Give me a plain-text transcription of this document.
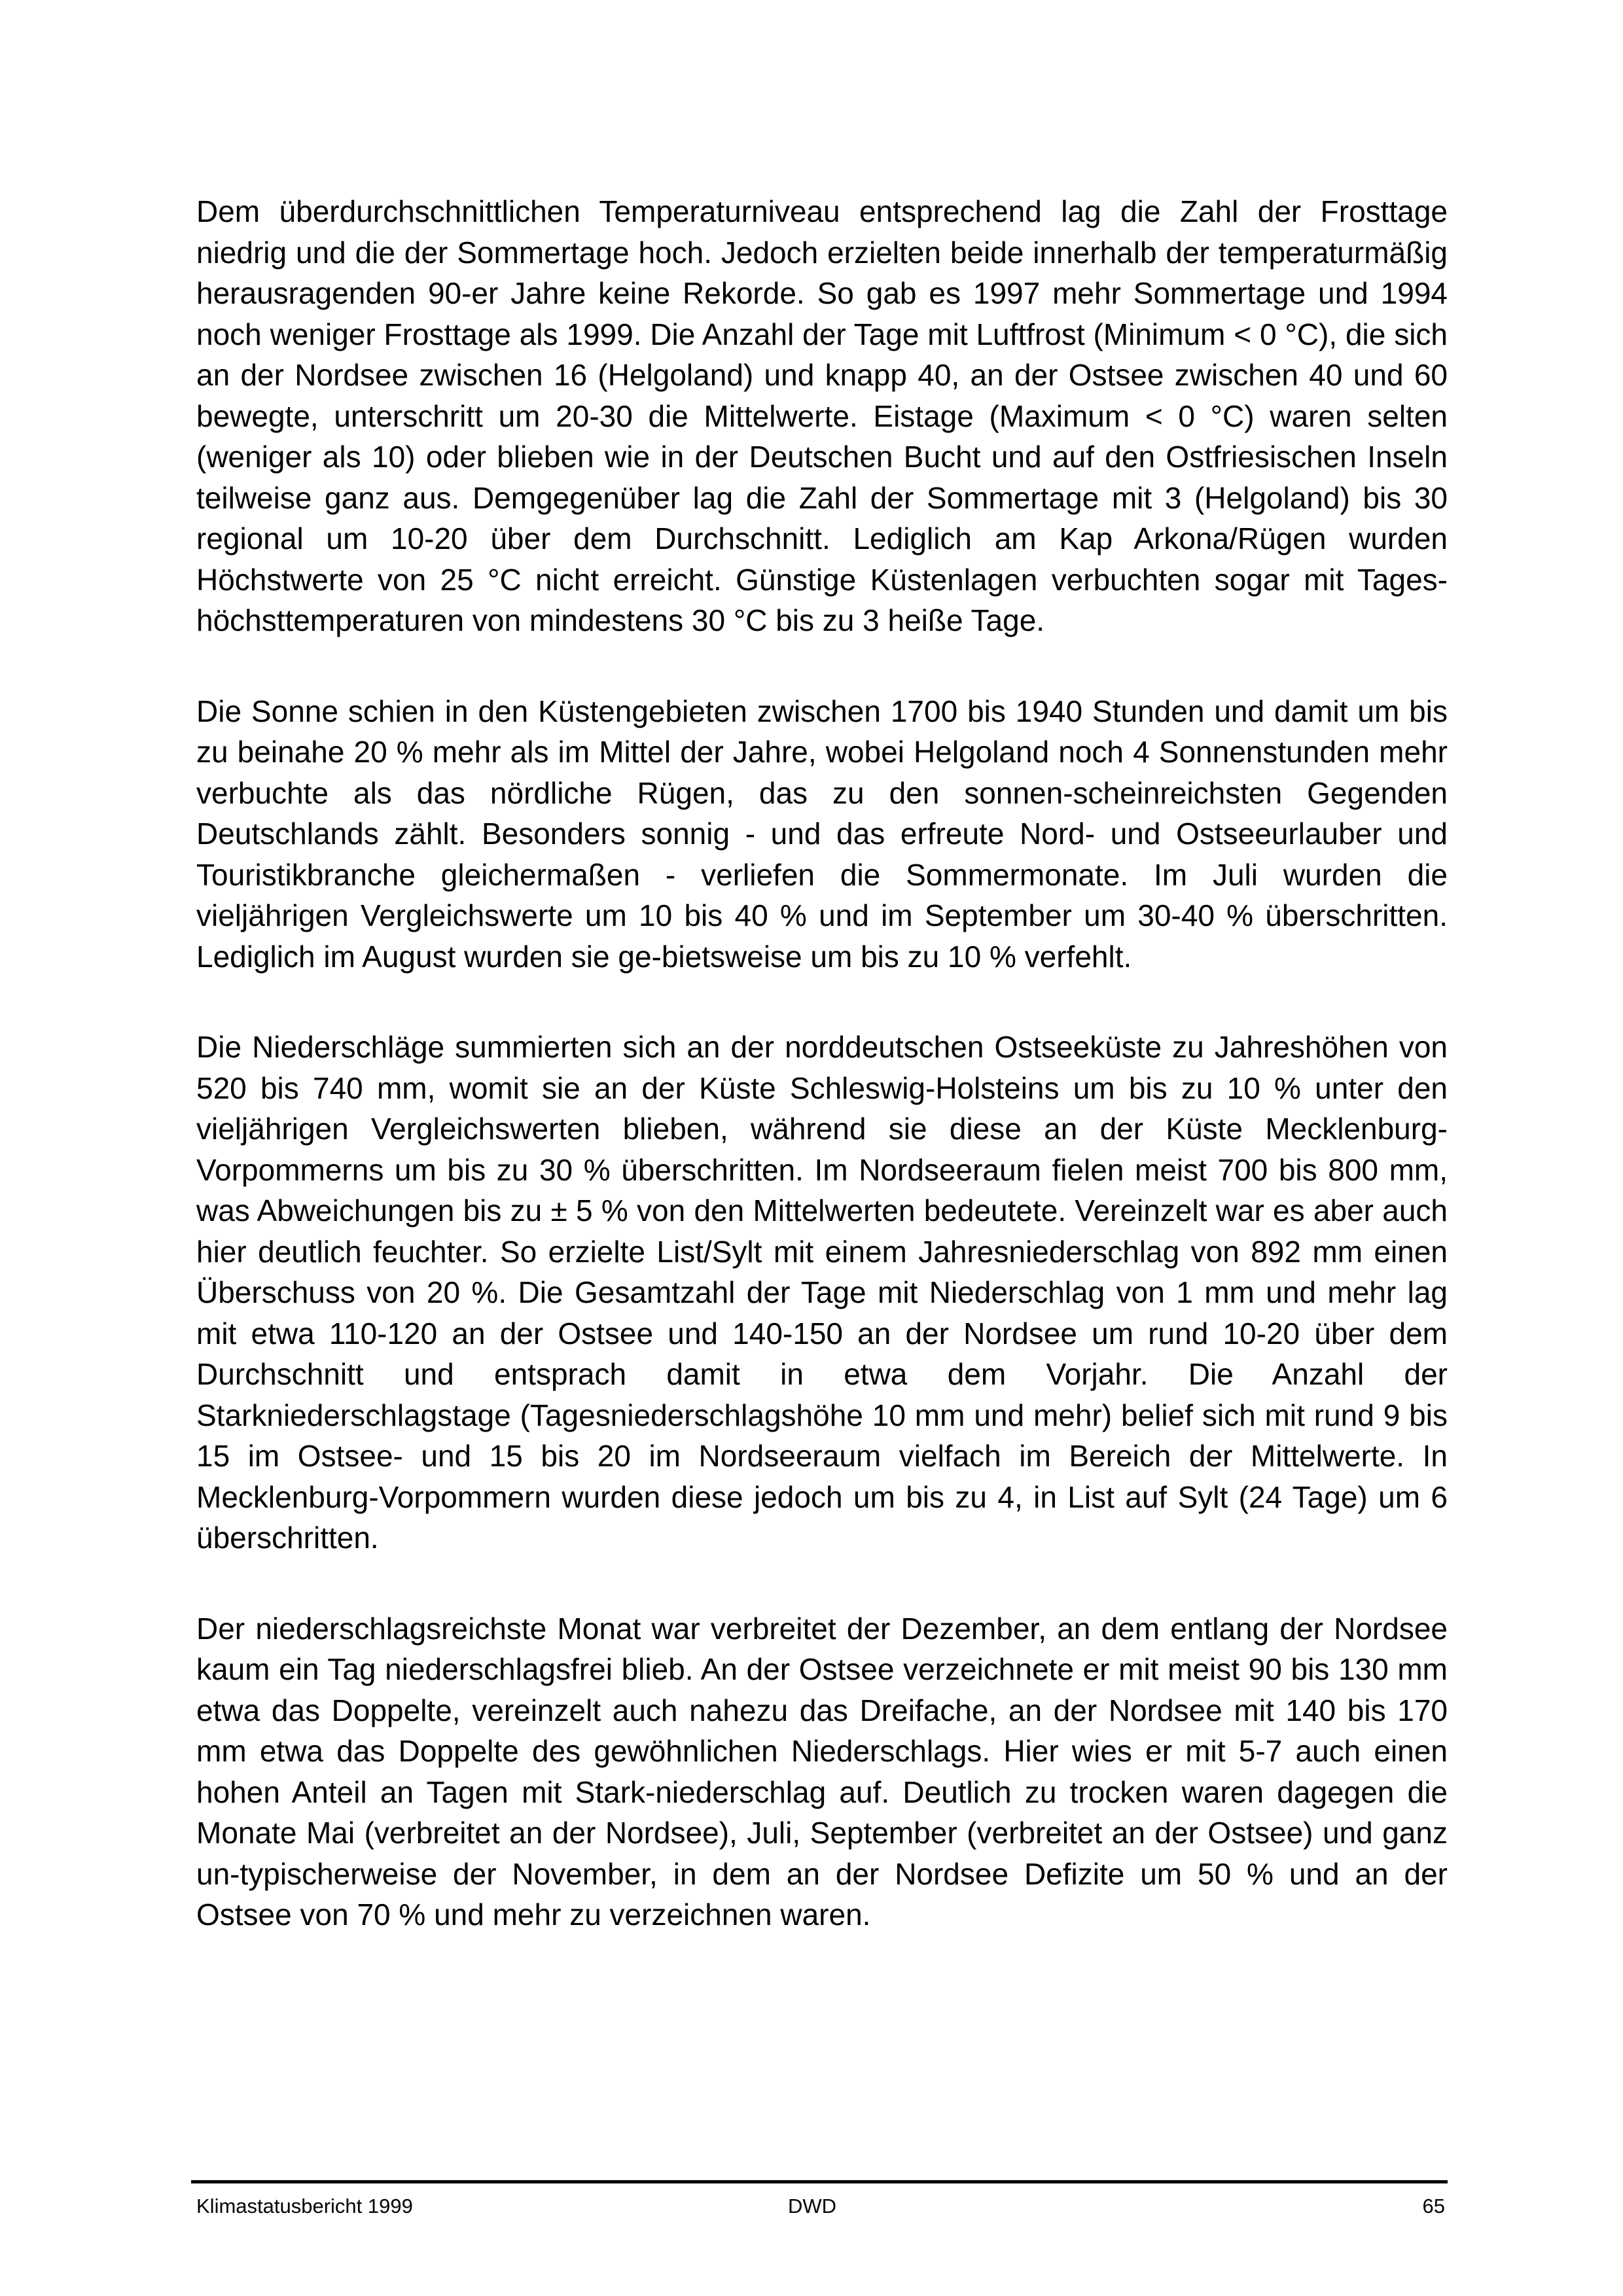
Dem überdurchschnittlichen Temperaturniveau entsprechend lag die Zahl der Frosttage niedrig und die der Sommertage hoch. Jedoch erzielten beide innerhalb der temperaturmäßig herausragenden 90-er Jahre keine Rekorde. So gab es 1997 mehr Sommertage und 1994 noch weniger Frosttage als 1999. Die Anzahl der Tage mit Luftfrost (Minimum < 0 °C), die sich an der Nordsee zwischen 16 (Helgoland) und knapp 40, an der Ostsee zwischen 40 und 60 bewegte, unterschritt um 20-30 die Mittelwerte. Eistage (Maximum < 0 °C) waren selten (weniger als 10) oder blieben wie in der Deutschen Bucht und auf den Ostfriesischen Inseln teilweise ganz aus. Demgegenüber lag die Zahl der Sommertage mit 3 (Helgoland) bis 30 regional um 10-20 über dem Durchschnitt. Lediglich am Kap Arkona/Rügen wurden Höchstwerte von 25 °C nicht erreicht. Günstige Küstenlagen verbuchten sogar mit Tages-höchsttemperaturen von mindestens 30 °C bis zu 3 heiße Tage.

Die Sonne schien in den Küstengebieten zwischen 1700 bis 1940 Stunden und damit um bis zu beinahe 20 % mehr als im Mittel der Jahre, wobei Helgoland noch 4 Sonnenstunden mehr verbuchte als das nördliche Rügen, das zu den sonnen-scheinreichsten Gegenden Deutschlands zählt. Besonders sonnig - und das erfreute Nord- und Ostseeurlauber und Touristikbranche gleichermaßen - verliefen die Sommermonate. Im Juli wurden die vieljährigen Vergleichswerte um 10 bis 40 % und im September um 30-40 % überschritten. Lediglich im August wurden sie ge-bietsweise um bis zu 10 % verfehlt.

Die Niederschläge summierten sich an der norddeutschen Ostseeküste zu Jahreshöhen von 520 bis 740 mm, womit sie an der Küste Schleswig-Holsteins um bis zu 10 % unter den vieljährigen Vergleichswerten blieben, während sie diese an der Küste Mecklenburg-Vorpommerns um bis zu 30 % überschritten. Im Nordseeraum fielen meist 700 bis 800 mm, was Abweichungen bis zu ± 5 % von den Mittelwerten bedeutete. Vereinzelt war es aber auch hier deutlich feuchter. So erzielte List/Sylt mit einem Jahresniederschlag von 892 mm einen Überschuss von 20 %. Die Gesamtzahl der Tage mit Niederschlag von 1 mm und mehr lag mit etwa 110-120 an der Ostsee und 140-150 an der Nordsee um rund 10-20 über dem Durchschnitt und entsprach damit in etwa dem Vorjahr. Die Anzahl der Starkniederschlagstage (Tagesniederschlagshöhe 10 mm und mehr) belief sich mit rund 9 bis 15 im Ostsee- und 15 bis 20 im Nordseeraum vielfach im Bereich der Mittelwerte. In Mecklenburg-Vorpommern wurden diese jedoch um bis zu 4, in List auf Sylt (24 Tage) um 6 überschritten.

Der niederschlagsreichste Monat war verbreitet der Dezember, an dem entlang der Nordsee kaum ein Tag niederschlagsfrei blieb. An der Ostsee verzeichnete er mit meist 90 bis 130 mm etwa das Doppelte, vereinzelt auch nahezu das Dreifache, an der Nordsee mit 140 bis 170 mm etwa das Doppelte des gewöhnlichen Niederschlags. Hier wies er mit 5-7 auch einen hohen Anteil an Tagen mit Stark-niederschlag auf. Deutlich zu trocken waren dagegen die Monate Mai (verbreitet an der Nordsee), Juli, September (verbreitet an der Ostsee) und ganz un-typischerweise der November, in dem an der Nordsee Defizite um 50 % und an der Ostsee von 70 % und mehr zu verzeichnen waren.

Klimastatusbericht 1999	DWD	65
